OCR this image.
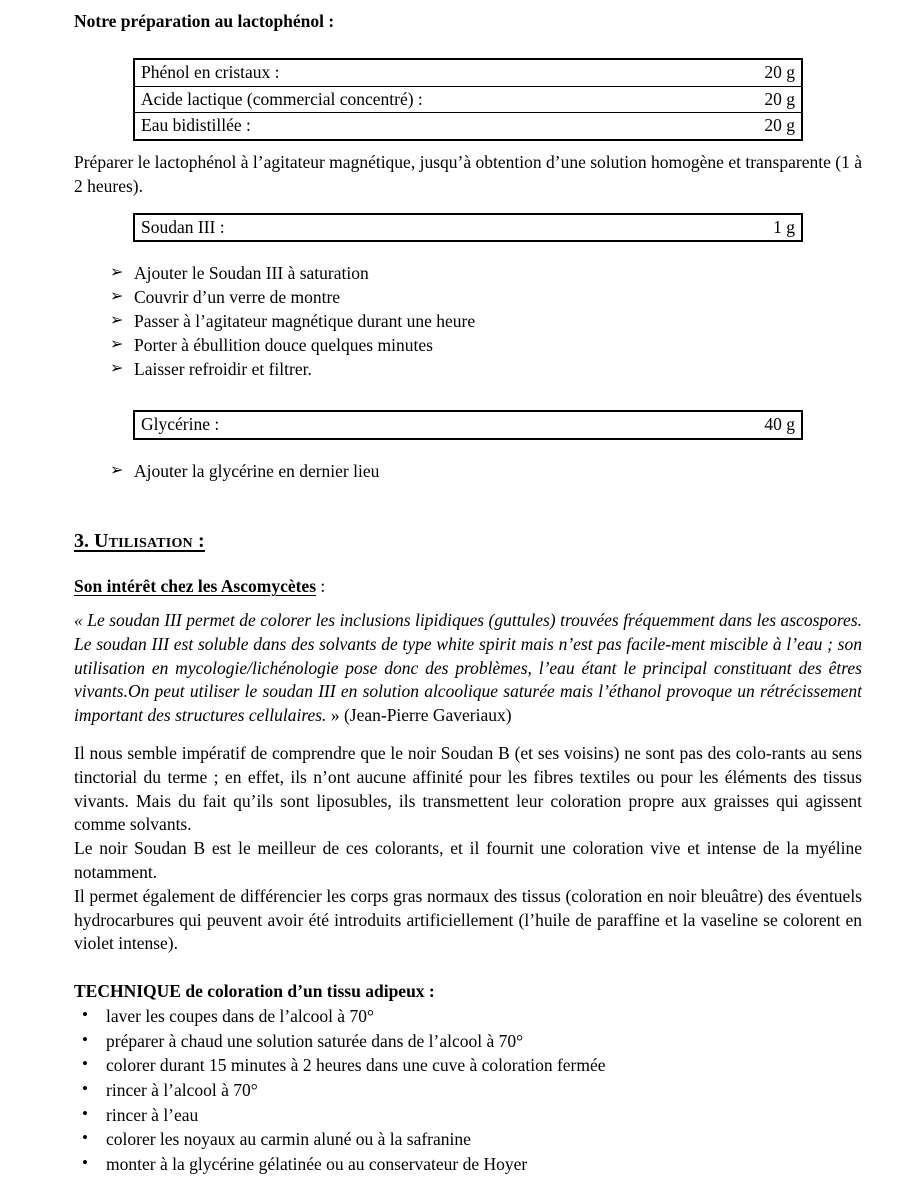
Notre préparation au lactophénol :
Phénol en cristaux :	20 g
Acide lactique (commercial concentré) :	20 g
Eau bidistillée :	20 g

Préparer le lactophénol à l’agitateur magnétique, jusqu’à obtention d’une solution homogène et transparente (1 à 2 heures).

Soudan III :	1 g
➢ Ajouter le Soudan III à saturation
➢ Couvrir d’un verre de montre
➢ Passer à l’agitateur magnétique durant une heure
➢ Porter à ébullition douce quelques minutes
➢ Laisser refroidir et filtrer.
Glycérine :	40 g
➢ Ajouter la glycérine en dernier lieu
3. Utilisation :
Son intérêt chez les Ascomycètes :

« Le soudan III permet de colorer les inclusions lipidiques (guttules) trouvées fréquemment dans les ascospores. Le soudan III est soluble dans des solvants de type white spirit mais n’est pas facile-ment miscible à l’eau ; son utilisation en mycologie/lichénologie pose donc des problèmes, l’eau étant le principal constituant des êtres vivants.On peut utiliser le soudan III en solution alcoolique saturée mais l’éthanol provoque un rétrécissement important des structures cellulaires. » (Jean-Pierre Gaveriaux)

Il nous semble impératif de comprendre que le noir Soudan B (et ses voisins) ne sont pas des colo-rants au sens tinctorial du terme ; en effet, ils n’ont aucune affinité pour les fibres textiles ou pour les éléments des tissus vivants. Mais du fait qu’ils sont liposubles, ils transmettent leur coloration propre aux graisses qui agissent comme solvants.

Le noir Soudan B est le meilleur de ces colorants, et il fournit une coloration vive et intense de la myéline notamment.

Il permet également de différencier les corps gras normaux des tissus (coloration en noir bleuâtre) des éventuels hydrocarbures qui peuvent avoir été introduits artificiellement (l’huile de paraffine et la vaseline se colorent en violet intense).

TECHNIQUE de coloration d’un tissu adipeux :
• laver les coupes dans de l’alcool à 70°
• préparer à chaud une solution saturée dans de l’alcool à 70°
• colorer durant 15 minutes à 2 heures dans une cuve à coloration fermée
• rincer à l’alcool à 70°
• rincer à l’eau
• colorer les noyaux au carmin aluné ou à la safranine
• monter à la glycérine gélatinée ou au conservateur de Hoyer
